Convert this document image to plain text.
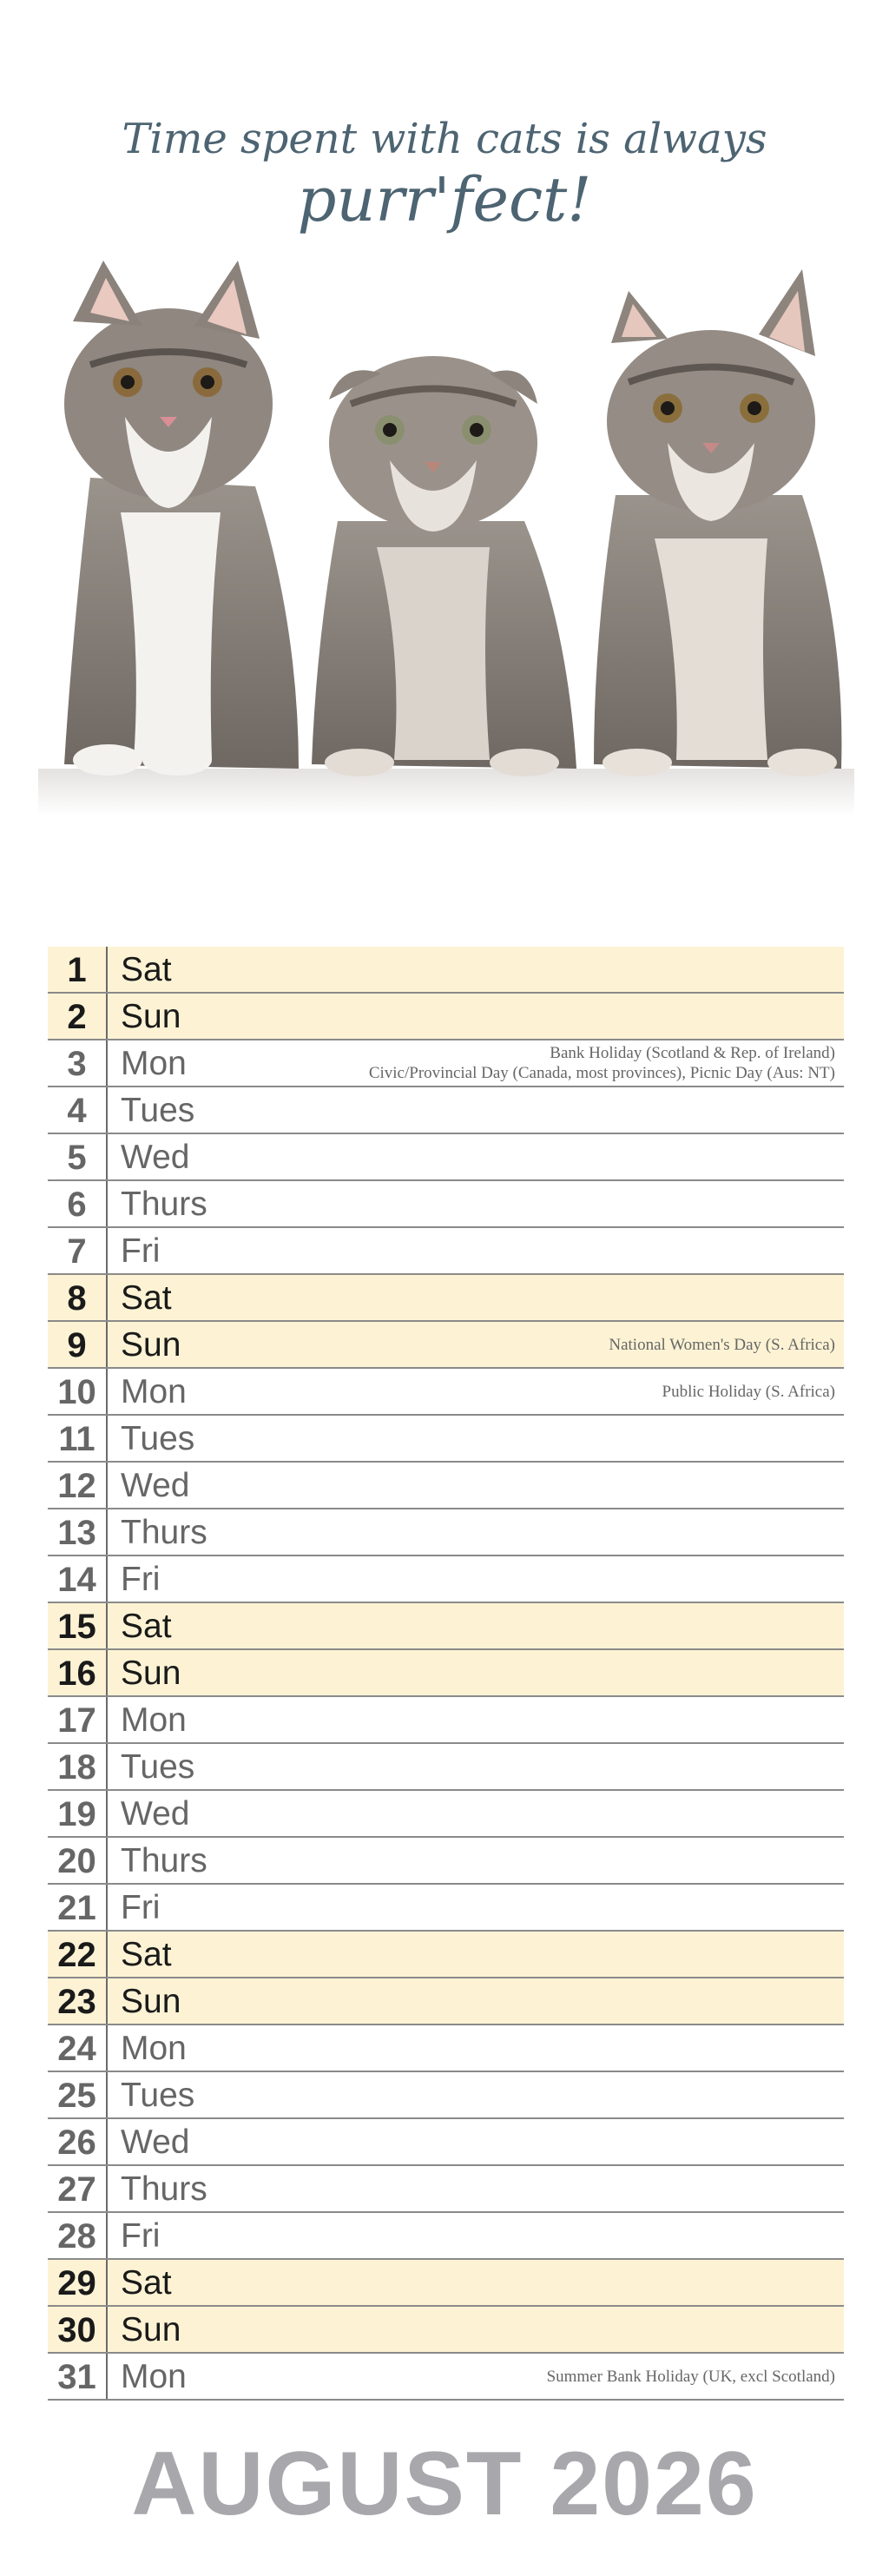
Time spent with cats is always
purr'fect!
1	Sat
2	Sun
3	Mon	Bank Holiday (Scotland & Rep. of Ireland)
Civic/Provincial Day (Canada, most provinces), Picnic Day (Aus: NT)
4	Tues
5	Wed
6	Thurs
7	Fri
8	Sat
9	Sun	National Women's Day (S. Africa)
10 Mon	Public Holiday (S. Africa)
11 Tues
12 Wed
13 Thurs
14 Fri
15 Sat
16 Sun
17 Mon
18 Tues
19 Wed
20 Thurs
21 Fri
22 Sat
23 Sun
24 Mon
25 Tues
26 Wed
27 Thurs
28 Fri
29 Sat
30 Sun
31 Mon	Summer Bank Holiday (UK, excl Scotland)
AUGUST 2026
